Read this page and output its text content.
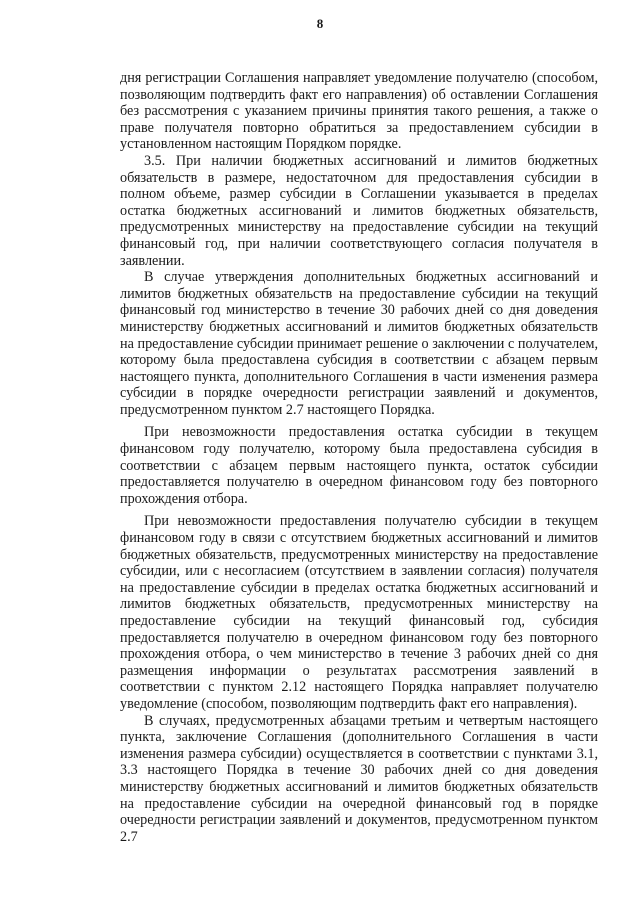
8

дня регистрации Соглашения направляет уведомление получателю (способом, позволяющим подтвердить факт его направления) об оставлении Соглашения без рассмотрения с указанием причины принятия такого решения, а также о праве получателя повторно обратиться за предоставлением субсидии в установленном настоящим Порядком порядке.

3.5. При наличии бюджетных ассигнований и лимитов бюджетных обязательств в размере, недостаточном для предоставления субсидии в полном объеме, размер субсидии в Соглашении указывается в пределах остатка бюджетных ассигнований и лимитов бюджетных обязательств, предусмотренных министерству на предоставление субсидии на текущий финансовый год, при наличии соответствующего согласия получателя в заявлении.

В случае утверждения дополнительных бюджетных ассигнований и лимитов бюджетных обязательств на предоставление субсидии на текущий финансовый год министерство в течение 30 рабочих дней со дня доведения министерству бюджетных ассигнований и лимитов бюджетных обязательств на предоставление субсидии принимает решение о заключении с получателем, которому была предоставлена субсидия в соответствии с абзацем первым настоящего пункта, дополнительного Соглашения в части изменения размера субсидии в порядке очередности регистрации заявлений и документов, предусмотренном пунктом 2.7 настоящего Порядка.

При невозможности предоставления остатка субсидии в текущем финансовом году получателю, которому была предоставлена субсидия в соответствии с абзацем первым настоящего пункта, остаток субсидии предоставляется получателю в очередном финансовом году без повторного прохождения отбора.

При невозможности предоставления получателю субсидии в текущем финансовом году в связи с отсутствием бюджетных ассигнований и лимитов бюджетных обязательств, предусмотренных министерству на предоставление субсидии, или с несогласием (отсутствием в заявлении согласия) получателя на предоставление субсидии в пределах остатка бюджетных ассигнований и лимитов бюджетных обязательств, предусмотренных министерству на предоставление субсидии на текущий финансовый год, субсидия предоставляется получателю в очередном финансовом году без повторного прохождения отбора, о чем министерство в течение 3 рабочих дней со дня размещения информации о результатах рассмотрения заявлений в соответствии с пунктом 2.12 настоящего Порядка направляет получателю уведомление (способом, позволяющим подтвердить факт его направления).

В случаях, предусмотренных абзацами третьим и четвертым настоящего пункта, заключение Соглашения (дополнительного Соглашения в части изменения размера субсидии) осуществляется в соответствии с пунктами 3.1, 3.3 настоящего Порядка в течение 30 рабочих дней со дня доведения министерству бюджетных ассигнований и лимитов бюджетных обязательств на предоставление субсидии на очередной финансовый год в порядке очередности регистрации заявлений и документов, предусмотренном пунктом 2.7
